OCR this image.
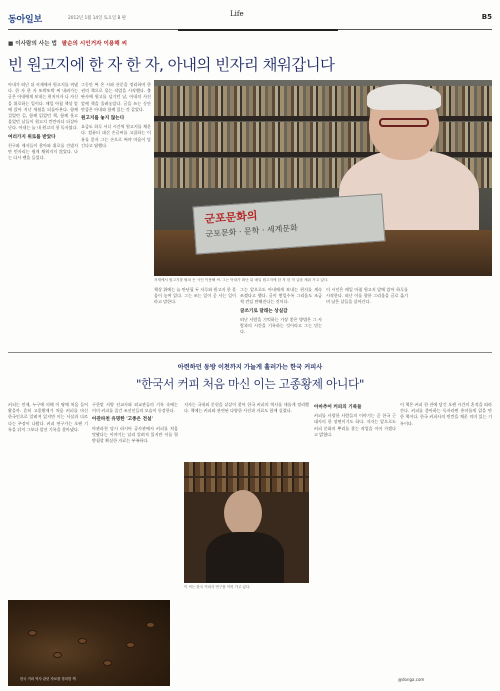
동아일보	2012년 1월 14일 토요일 B 판
Life	B5
■ 이사람의 사는 법 팔순의 시인거자 이용해 씨
빈 원고지에 한 자 한 자, 아내의 빈자리 채워갑니다
아내가 떠난 뒤 서재에서 원고지를 꺼냈다. 한 자 한 자 또박또박 써 내려가는 글은 아내에게 보내는 편지이자 나 자신을 위로하는 일이다. 매일 아침 책상 앞에 앉아 지난 세월을 되돌아본다. 함께 걸었던 길, 함께 읽었던 책, 함께 웃고 울었던 날들이 원고지 칸칸마다 되살아난다. 아내는 늘 내 원고의 첫 독자였다.
여러가지 위로를 받았다
친구와 제자들이 찾아와 위로를 건넸지만 빈자리는 쉽게 채워지지 않았다. 나는 다시 펜을 들었다.
그동안 써 온 시와 산문을 정리하며 한 권의 책으로 묶는 작업을 시작했다. 출판사에 원고를 넘기던 날, 아내의 사진 앞에 책을 올려놓았다. 글을 쓰는 동안만큼은 아내와 함께 있는 것 같았다.
원고지를 놓지 않는다
요즘도 하루 서너 시간씩 원고지를 채운다. 컴퓨터 대신 손글씨를 고집하는 이유를 묻자 그는 손으로 써야 마음이 담긴다고 답했다.
군포문화의
군포문화 · 문학 · 세계문화
서재에서 원고지를 펼쳐 든 시인 이용해 씨. 그는 아내가 떠난 뒤 매일 원고지에 한 자 한 자 글을 채워 가고 있다.
책상 위에는 늘 만년필 두 자루와 원고지 한 묶음이 놓여 있다. 그는 쓰는 일이 곧 사는 일이라고 말한다.
그는 앞으로도 아내에게 보내는 편지를 계속 쓰겠다고 했다. 글이 쌓일수록 그리움도 조금씩 견딜 만해진다는 것이다.
글쓰기로 달래는 상실감
떠난 사람을 기억하는 가장 좋은 방법은 그 사람과의 시간을 기록하는 것이라고 그는 믿는다.
이 시인은 매일 아침 원고지 앞에 앉아 하루를 시작한다. 떠난 이를 향한 그리움을 글로 옮기며 남은 날들을 살아간다.
아련하던 동방 이천까지 가늘게 흘러가는 한국 커피사
"한국서 커피 처음 마신 이는 고종황제 아니다"
커피는 언제, 누구에 의해 이 땅에 처음 들어왔을까. 흔히 고종황제가 처음 커피를 마신 한국인으로 알려져 있지만 이는 사실과 다르다는 주장이 나왔다. 커피 연구가는 오랜 기록을 뒤져 그보다 앞선 기록을 찾아냈다.
구한말 서양 선교사와 외교관들의 기록 속에는 이미 커피를 즐긴 조선인들의 모습이 등장한다.
아관파천 유명한 '고종은 전설'
아관파천 당시 러시아 공사관에서 커피를 처음 맛봤다는 이야기는 널리 알려져 있지만 이를 뒷받침할 확실한 자료는 부족하다.
저자는 국내외 문헌을 샅샅이 찾아 한국 커피의 역사를 새롭게 정리했다. 책에는 커피와 관련된 다양한 사진과 자료도 함께 실렸다.
이 씨는 한국 커피사 연구를 이어 가고 있다.
아마추어 커피의 기록들
커피를 사랑한 사람들의 이야기는 곧 한국 근대사의 한 장면이기도 하다. 저자는 앞으로도 커피 문화의 뿌리를 찾는 작업을 이어 가겠다고 밝혔다.
이 책은 커피 한 잔에 담긴 오랜 시간의 흔적을 따라간다. 커피를 좋아하는 독자라면 흥미롭게 읽을 만한 책이다. 한국 커피사의 빈칸을 채운 의미 있는 기록이다.
한국 커피 역사 관련 자료를 정리한 책	@donga.com
